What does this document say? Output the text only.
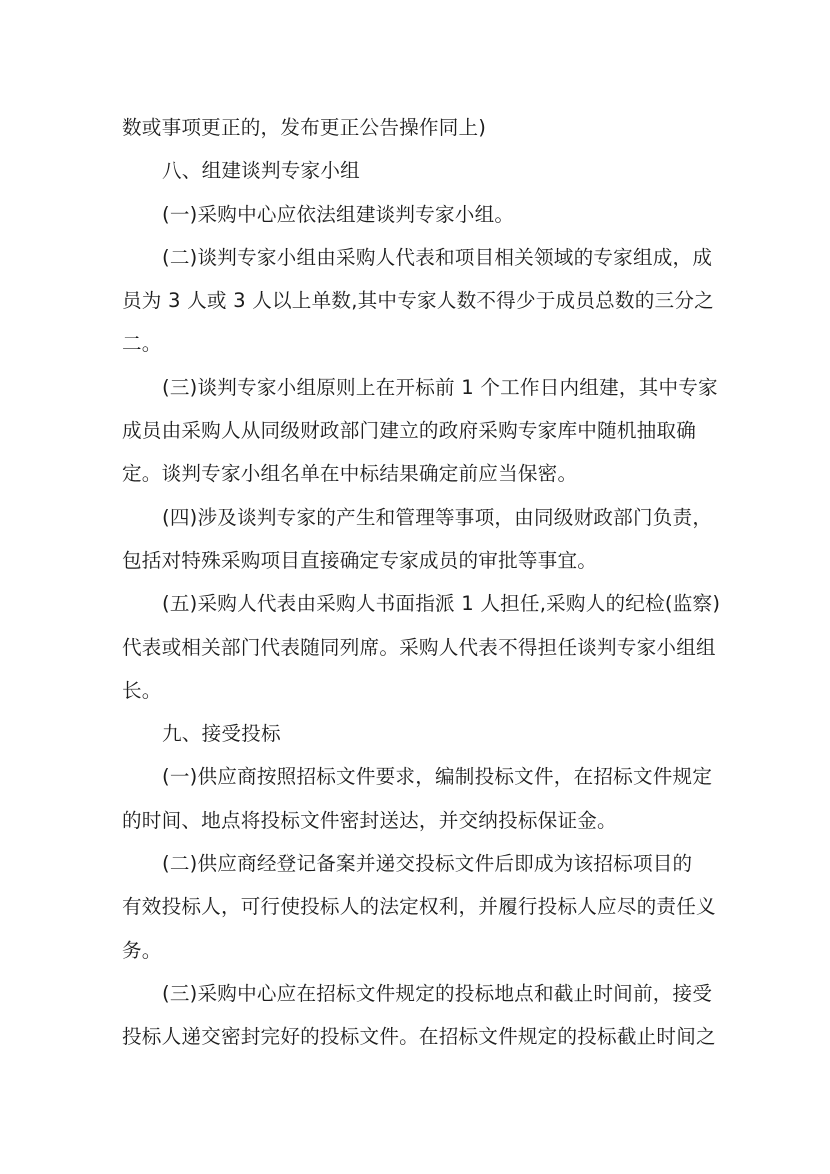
数或事项更正的，发布更正公告操作同上)
八、组建谈判专家小组
(一)采购中心应依法组建谈判专家小组。
(二)谈判专家小组由采购人代表和项目相关领域的专家组成，成
员为 3 人或 3 人以上单数,其中专家人数不得少于成员总数的三分之
二。
(三)谈判专家小组原则上在开标前 1 个工作日内组建，其中专家
成员由采购人从同级财政部门建立的政府采购专家库中随机抽取确
定。谈判专家小组名单在中标结果确定前应当保密。
(四)涉及谈判专家的产生和管理等事项，由同级财政部门负责，
包括对特殊采购项目直接确定专家成员的审批等事宜。
(五)采购人代表由采购人书面指派 1 人担任,采购人的纪检(监察)
代表或相关部门代表随同列席。采购人代表不得担任谈判专家小组组
长。
九、接受投标
(一)供应商按照招标文件要求，编制投标文件，在招标文件规定
的时间、地点将投标文件密封送达，并交纳投标保证金。
(二)供应商经登记备案并递交投标文件后即成为该招标项目的
有效投标人，可行使投标人的法定权利，并履行投标人应尽的责任义
务。
(三)采购中心应在招标文件规定的投标地点和截止时间前，接受
投标人递交密封完好的投标文件。在招标文件规定的投标截止时间之
